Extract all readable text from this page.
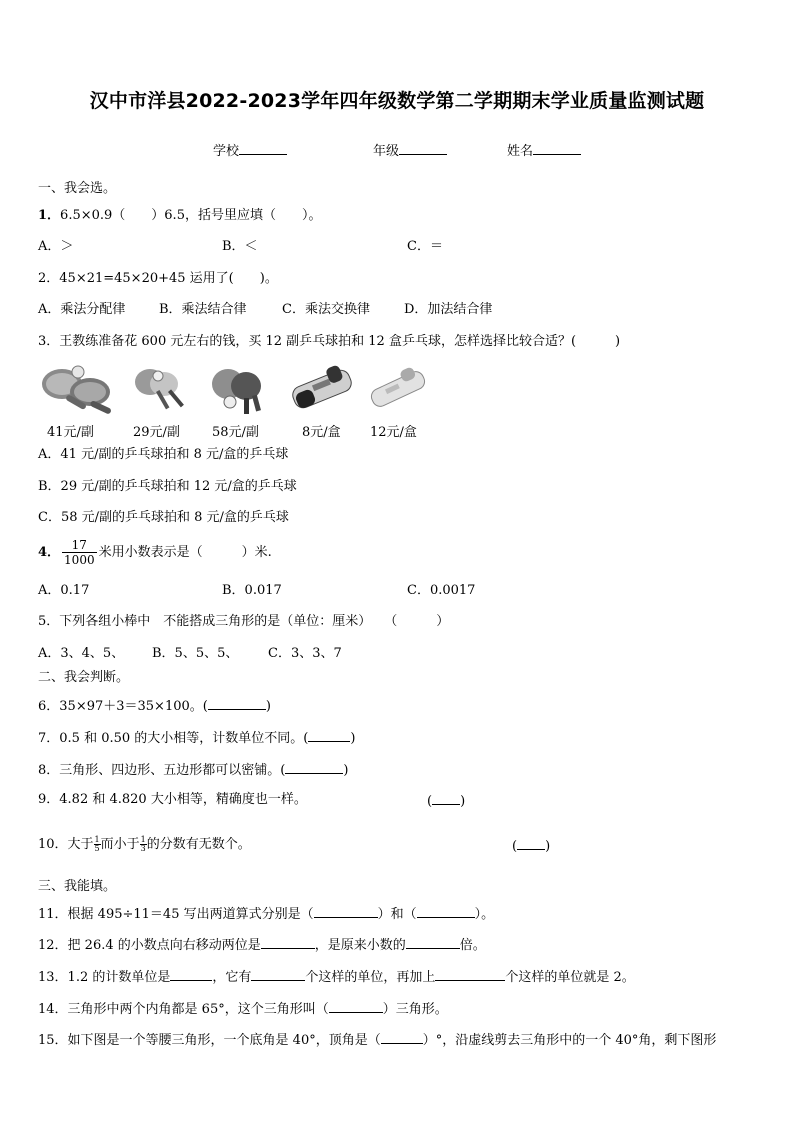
汉中市洋县2022-2023学年四年级数学第二学期期末学业质量监测试题
学校	年级	姓名
一、我会选。
1．6.5×0.9（　　）6.5，括号里应填（　　）。
A．＞	B．＜	C．＝
2．45×21=45×20+45 运用了(　　)。
A．乘法分配律	B．乘法结合律	C．乘法交换律	D．加法结合律
3．王教练准备花 600 元左右的钱，买 12 副乒乓球拍和 12 盒乒乓球，怎样选择比较合适？(　　　)
41元/副	29元/副 58元/副	8元/盒 12元/盒
A．41 元/副的乒乓球拍和 8 元/盒的乒乓球
B．29 元/副的乒乓球拍和 12 元/盒的乒乓球
C．58 元/副的乒乓球拍和 8 元/盒的乒乓球
4． $\frac{17}{1000}$ 米用小数表示是（　　　）米.
A．0.17	B．0.017	C．0.0017
5．下列各组小棒中　不能搭成三角形的是（单位：厘米）　　（　　　）
A．3、4、5、 B．5、5、5、 C．3、3、7
二、我会判断。
6．35×97＋3＝35×100。(	)
7．0.5 和 0.50 的大小相等，计数单位不同。(	)
8．三角形、四边形、五边形都可以密铺。(	)
9．4.82 和 4.820 大小相等，精确度也一样。	( )
10．大于 $\frac{1}{5}$ 而小于 $\frac{1}{3}$ 的分数有无数个。	( )
三、我能填。
11．根据 495÷11＝45 写出两道算式分别是（	）和（	）。
12．把 26.4 的小数点向右移动两位是	，是原来小数的	倍。
13．1.2 的计数单位是	，它有	个这样的单位，再加上	个这样的单位就是 2。
14．三角形中两个内角都是 65°，这个三角形叫（	）三角形。
15．如下图是一个等腰三角形，一个底角是 40°，顶角是（	）°，沿虚线剪去三角形中的一个 40°角，剩下图形
